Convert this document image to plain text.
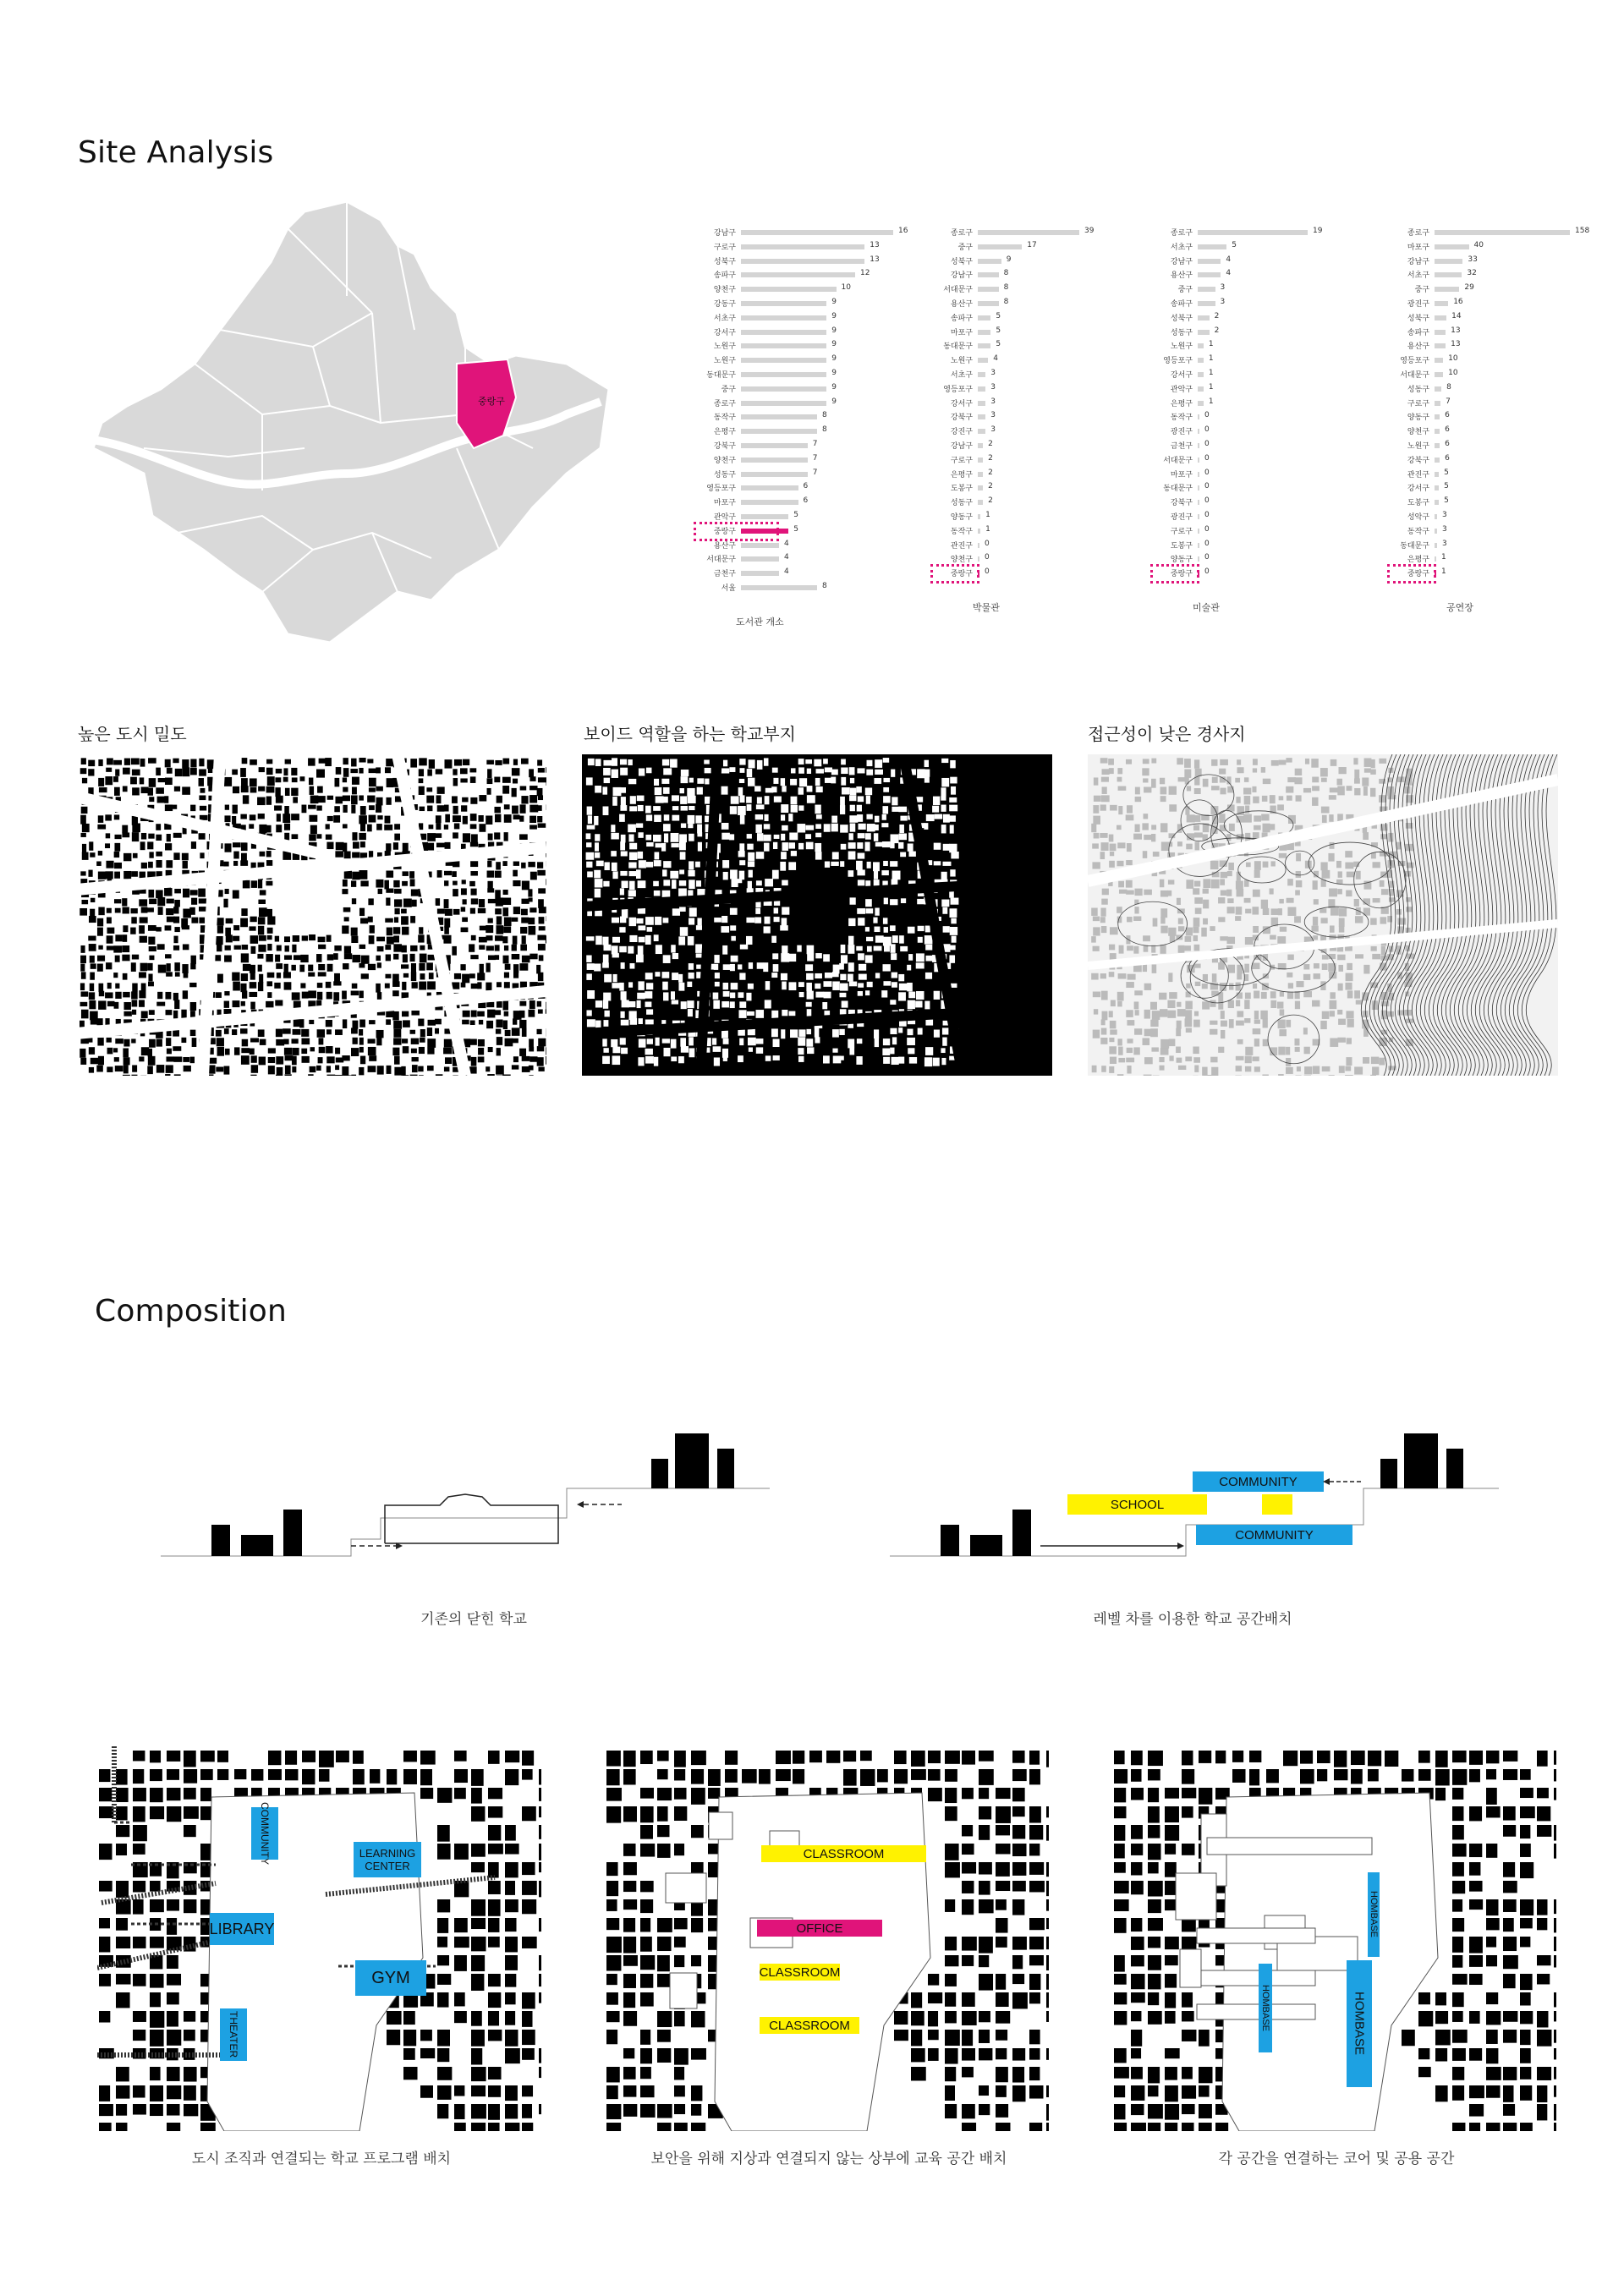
Site Analysis
중랑구
강남구	16
구로구	13
성북구	13
송파구	12
양천구	10
강동구	9
서초구	9
강서구	9
노원구	9
노원구	9
동대문구	9
중구	9
종로구	9
동작구	8
은평구	8
강북구	7
양천구	7
성동구	7
영등포구	6
마포구	6
관악구	5
중랑구	5
용산구	4
서대문구	4
금천구	4
서울	8
도서관 개소
종로구	39
중구	17
성북구	9
강남구	8
서대문구	8
용산구	8
송파구	5
마포구	5
동대문구	5
노원구	4
서초구 3
영등포구 3
강서구 3
강북구 3
강진구 3
강남구 2
구로구 2
은평구 2
도봉구 2
성동구 2
양동구 1
동작구 1
관진구 0
양천구 0
중랑구 0
박물관
종로구	19
서초구	5
강남구	4
용산구	4
중구	3
송파구	3
성북구	2
성동구	2
노원구 1
영등포구 1
강서구 1
관악구 1
은평구 1
동작구 0
광진구 0
금천구 0
서대문구 0
마포구 0
동대문구 0
강북구 0
광진구 0
구로구 0
도봉구 0
양동구 0
중랑구 0
미술관
종로구	158
마포구	40
강남구	33
서초구	32
중구	29
광진구	16
성북구	14
송파구	13
용산구	13
영등포구 10
서대문구 10
성동구 8
구로구 7
양동구 6
양천구 6
노원구 6
강북구 6
관진구 5
강서구 5
도봉구 5
성악구 3
동작구 3
동대문구 3
은평구 1
중랑구 1
공연장
높은 도시 밀도	보이드 역할을 하는 학교부지	접근성이 낮은 경사지
Composition
기존의 닫힌 학교
COMMUNITY
SCHOOL
COMMUNITY
레벨 차를 이용한 학교 공간배치
COMMUNITY	LEARNING CENTER
LIBRARY
GYM
THEATER
CLASSROOM
OFFICE
CLASSROOM
CLASSROOM
HOMBASE
HOMBASE	HOMBASE
도시 조직과 연결되는 학교 프로그램 배치	보안을 위해 지상과 연결되지 않는 상부에 교육 공간 배치	각 공간을 연결하는 코어 및 공용 공간
